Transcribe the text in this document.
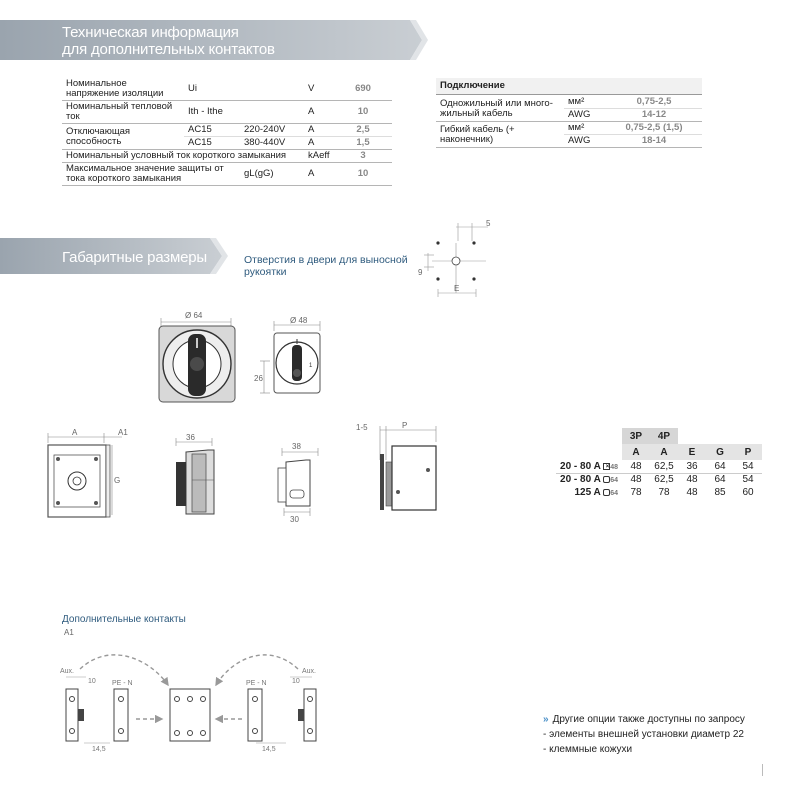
Техническая информация
для дополнительных контактов
Номинальное напряжение изоляции	Ui		V	690
Номинальный тепловой ток	Ith - Ithe		A	10
Отключающая способность	AC15	220-240V	A	2,5
	AC15	380-440V	A	1,5
Номинальный условный ток короткого замыкания			kAeff	3
Максимальное значение защиты от тока короткого замыкания		gL(gG)	A	10
Подключение
Одножильный или много-жильный кабель	мм²	0,75-2,5
	AWG	14-12
Гибкий кабель (+ наконечник)	мм²	0,75-2,5 (1,5)
	AWG	18-14
Габаритные размеры	Отверстия в двери для выносной
рукоятки
5
9
E
Ø 64
Ø 48
26
1
A	A1
G
36
38
30
1-5	P
	3P	4P			
	A	A	E	G	P
20 - 80 A ×48	48	62,5	36	64	54
20 - 80 A 64	48	62,5	48	64	54
125 A 64	78	78	48	85	60
Дополнительные контакты
A1
Aux.
10 PE - N
14,5
Aux.
10
PE - N
14,5
» Другие опции также доступны по запросу
- элементы внешней установки диаметр 22
- клеммные кожухи
